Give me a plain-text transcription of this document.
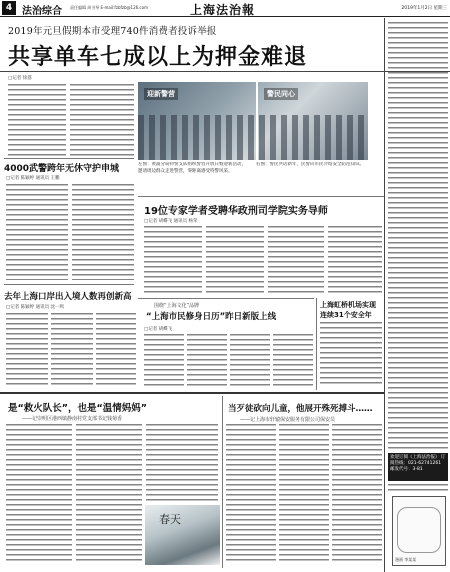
4 法治综合 责任编辑 周书琴 E-mail:fzbfzb@126.com	上海法治報	2019年1月2日 星期三
2019年元旦假期本市受理740件消费者投诉举报
共享单车七成以上为押金难退
□记者 徐荔
迎新警营	警民同心
左图：黄浦分局特警支队组织警营开放日暨迎新活动，邀请周边群众走进警营，零距离感受特警风采。
右图：警民共话新年，民警向市民介绍安全防范知识。
4000武警跨年无休守护申城
□记者 陈颖婷 通讯员 王鹏
19位专家学者受聘华政刑司学院实务导师
□记者 胡蝶飞 通讯员 杨荣
去年上海口岸出入境人数再创新高
□记者 陈颖婷 通讯员 沈一鸣	围绕“上海文化”品牌
“上海市民修身日历”昨日新版上线
□记者 胡蝶飞
上海虹桥机场实现
连续31个安全年
是“救火队长”，也是“温情妈妈”
——记崇明区港西镇静南村党支部书记钱菊香
春天
当歹徒砍向儿童，他展开殊死搏斗……
——记上海市轩辕保安服务有限公司保安员
欢迎订阅《上海法治报》 订阅热线：021-62741261 邮发代号：3-81
漫画 李某某
